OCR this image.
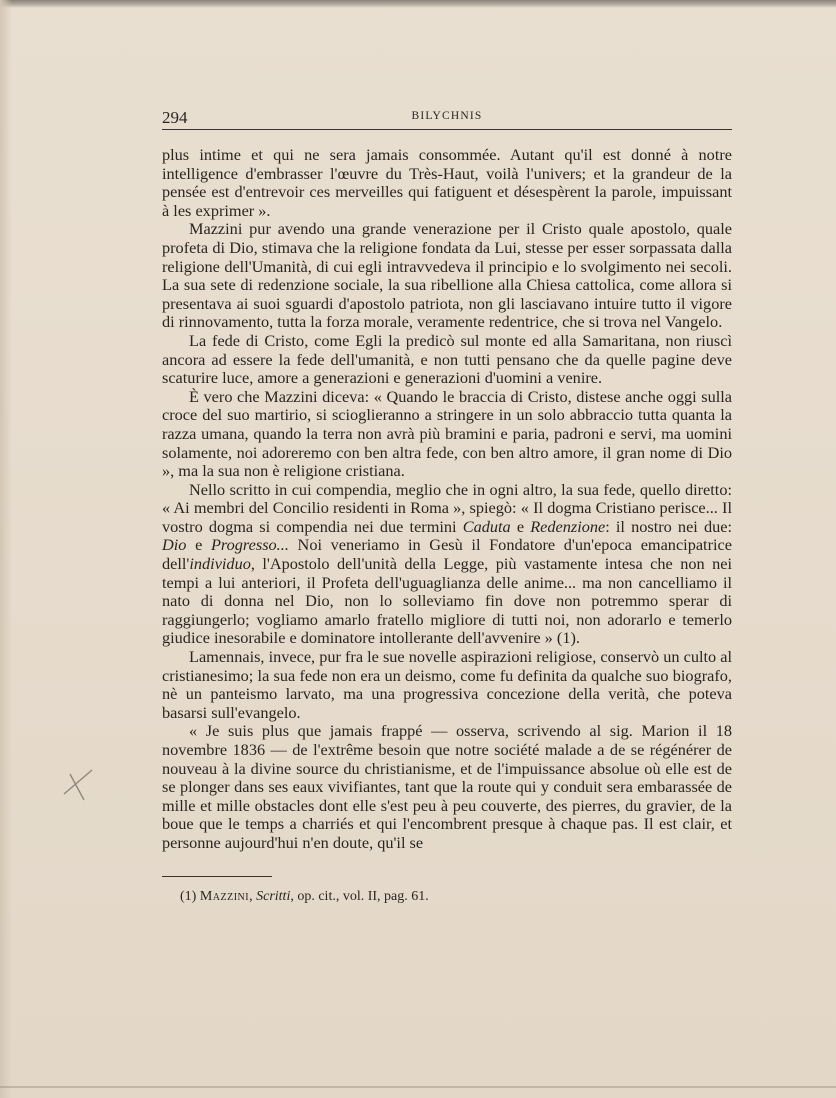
294	BILYCHNIS

plus intime et qui ne sera jamais consommée. Autant qu'il est donné à notre intelligence d'embrasser l'œuvre du Très-Haut, voilà l'univers; et la grandeur de la pensée est d'entrevoir ces merveilles qui fatiguent et désespèrent la parole, impuissant à les exprimer ».

Mazzini pur avendo una grande venerazione per il Cristo quale apostolo, quale profeta di Dio, stimava che la religione fondata da Lui, stesse per esser sorpassata dalla religione dell'Umanità, di cui egli intravvedeva il principio e lo svolgimento nei secoli. La sua sete di redenzione sociale, la sua ribellione alla Chiesa cattolica, come allora si presentava ai suoi sguardi d'apostolo patriota, non gli lasciavano intuire tutto il vigore di rinnovamento, tutta la forza morale, veramente redentrice, che si trova nel Vangelo.

La fede di Cristo, come Egli la predicò sul monte ed alla Samaritana, non riuscì ancora ad essere la fede dell'umanità, e non tutti pensano che da quelle pagine deve scaturire luce, amore a generazioni e generazioni d'uomini a venire.

È vero che Mazzini diceva: « Quando le braccia di Cristo, distese anche oggi sulla croce del suo martirio, si scioglieranno a stringere in un solo abbraccio tutta quanta la razza umana, quando la terra non avrà più bramini e paria, padroni e servi, ma uomini solamente, noi adoreremo con ben altra fede, con ben altro amore, il gran nome di Dio », ma la sua non è religione cristiana.

Nello scritto in cui compendia, meglio che in ogni altro, la sua fede, quello diretto: « Ai membri del Concilio residenti in Roma », spiegò: « Il dogma Cristiano perisce... Il vostro dogma si compendia nei due termini Caduta e Redenzione: il nostro nei due: Dio e Progresso... Noi veneriamo in Gesù il Fondatore d'un'epoca emancipatrice dell'individuo, l'Apostolo dell'unità della Legge, più vastamente intesa che non nei tempi a lui anteriori, il Profeta dell'uguaglianza delle anime... ma non cancelliamo il nato di donna nel Dio, non lo solleviamo fin dove non potremmo sperar di raggiungerlo; vogliamo amarlo fratello migliore di tutti noi, non adorarlo e temerlo giudice inesorabile e dominatore intollerante dell'avvenire » (1).

Lamennais, invece, pur fra le sue novelle aspirazioni religiose, conservò un culto al cristianesimo; la sua fede non era un deismo, come fu definita da qualche suo biografo, nè un panteismo larvato, ma una progressiva concezione della verità, che poteva basarsi sull'evangelo.

« Je suis plus que jamais frappé — osserva, scrivendo al sig. Marion il 18 novembre 1836 — de l'extrême besoin que notre société malade a de se régénérer de nouveau à la divine source du christianisme, et de l'impuissance absolue où elle est de se plonger dans ses eaux vivifiantes, tant que la route qui y conduit sera embarassée de mille et mille obstacles dont elle s'est peu à peu couverte, des pierres, du gravier, de la boue que le temps a charriés et qui l'encombrent presque à chaque pas. Il est clair, et personne aujourd'hui n'en doute, qu'il se

(1) Mazzini, Scritti, op. cit., vol. II, pag. 61.
